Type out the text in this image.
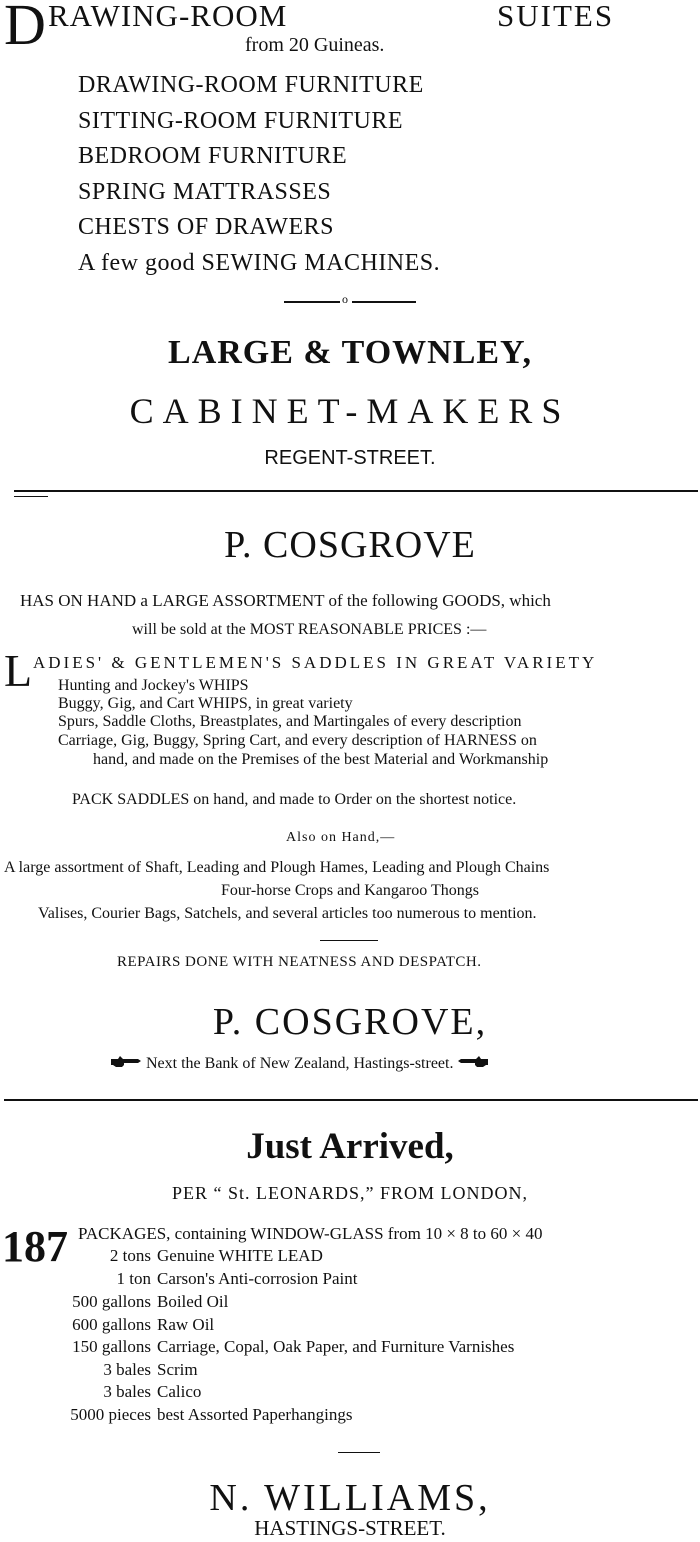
D RAWING-ROOM	SUITES
from 20 Guineas.
DRAWING-ROOM FURNITURE
SITTING-ROOM FURNITURE
BEDROOM FURNITURE
SPRING MATTRASSES
CHESTS OF DRAWERS
A few good SEWING MACHINES.
o
LARGE & TOWNLEY,
CABINET-MAKERS
REGENT-STREET.
P. COSGROVE
HAS ON HAND a LARGE ASSORTMENT of the following GOODS, which
will be sold at the MOST REASONABLE PRICES :—
L ADIES' & GENTLEMEN'S SADDLES IN GREAT VARIETY
Hunting and Jockey's WHIPS
Buggy, Gig, and Cart WHIPS, in great variety
Spurs, Saddle Cloths, Breastplates, and Martingales of every description
Carriage, Gig, Buggy, Spring Cart, and every description of HARNESS on
hand, and made on the Premises of the best Material and Workmanship
PACK SADDLES on hand, and made to Order on the shortest notice.
Also on Hand,—
A large assortment of Shaft, Leading and Plough Hames, Leading and Plough Chains
Four-horse Crops and Kangaroo Thongs
Valises, Courier Bags, Satchels, and several articles too numerous to mention.
REPAIRS DONE WITH NEATNESS AND DESPATCH.
P. COSGROVE,
Next the Bank of New Zealand, Hastings-street.
Just Arrived,
PER “ St. LEONARDS,” FROM LONDON,
187 PACKAGES, containing WINDOW-GLASS from 10 × 8 to 60 × 40
2 tons Genuine WHITE LEAD
1 ton Carson's Anti-corrosion Paint
500 gallons Boiled Oil
600 gallons Raw Oil
150 gallons Carriage, Copal, Oak Paper, and Furniture Varnishes
3 bales Scrim
3 bales Calico
5000 pieces best Assorted Paperhangings
N. WILLIAMS,
HASTINGS-STREET.
